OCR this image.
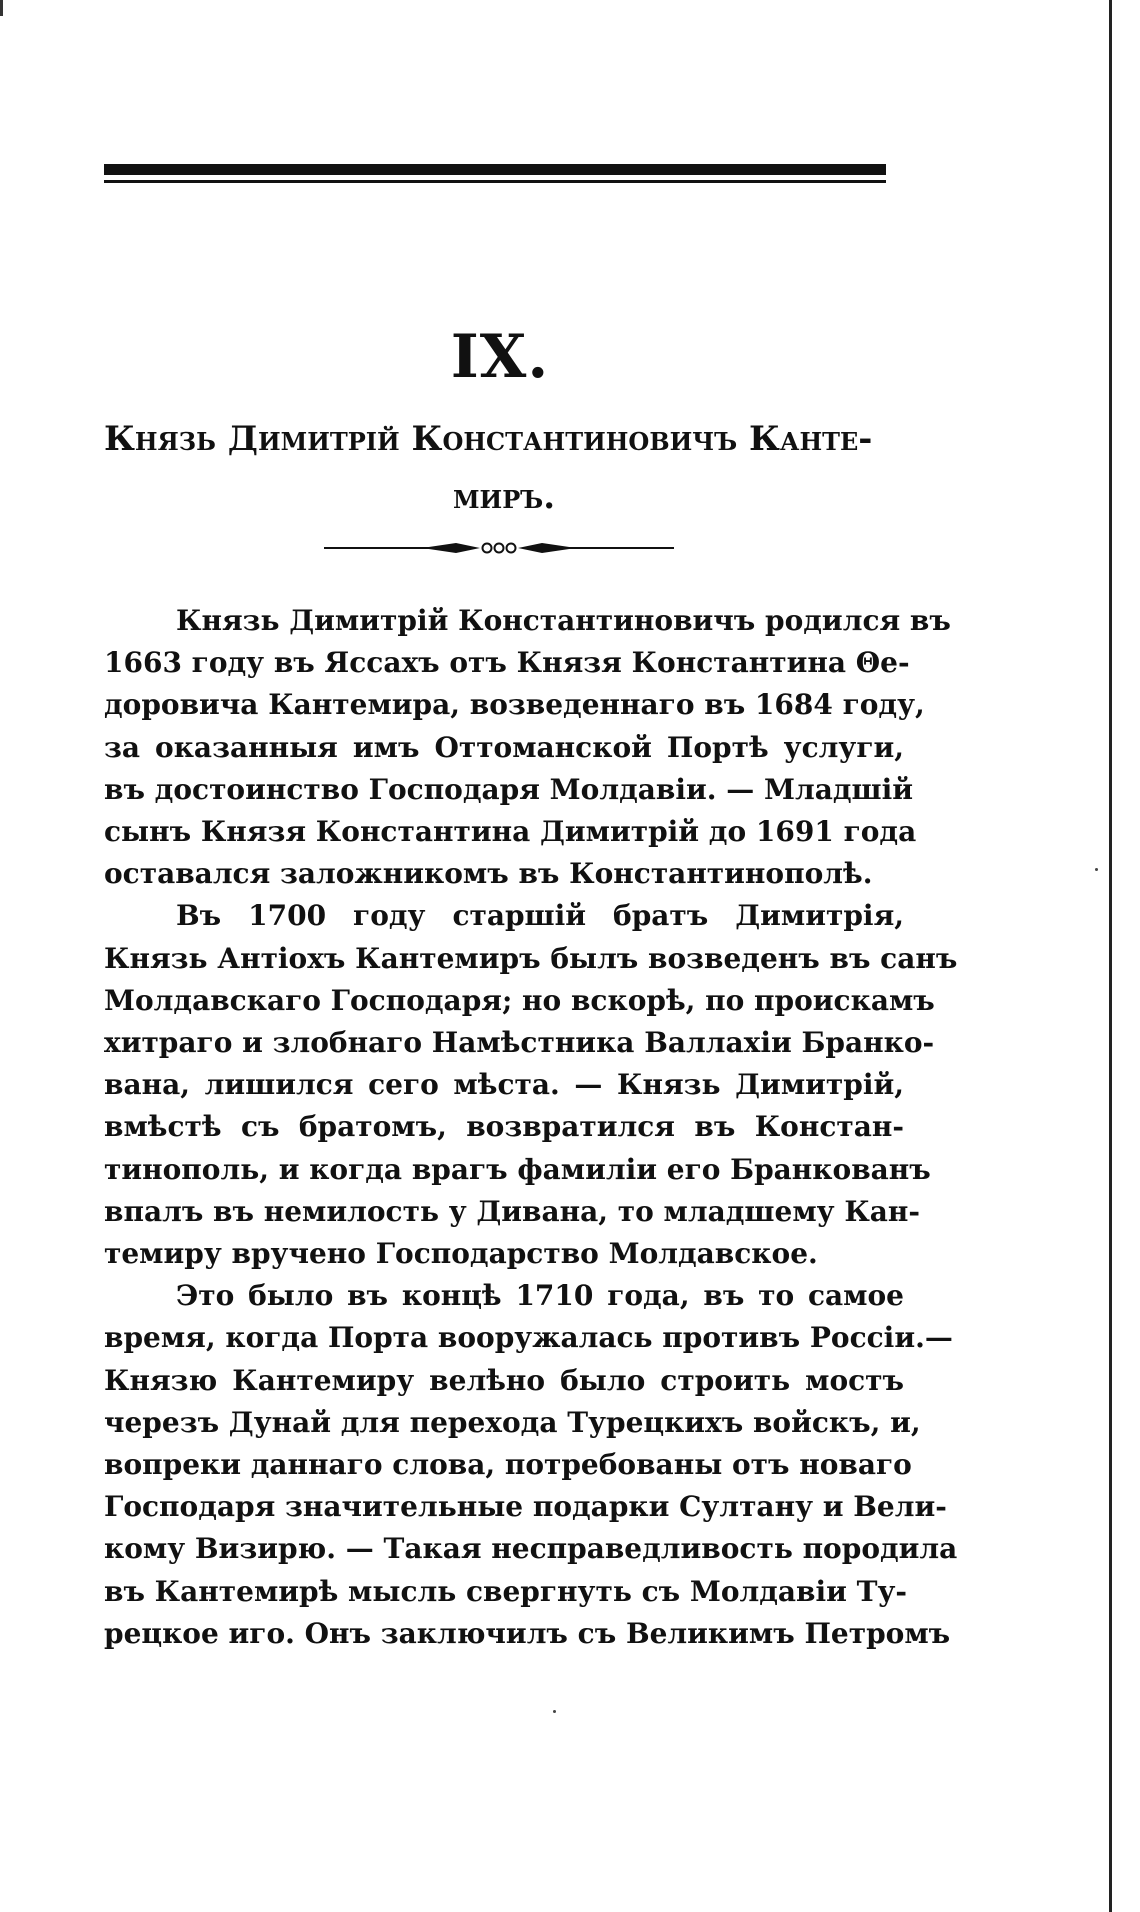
IX.
Князь Димитрій Константиновичъ Канте-
миръ.
Князь Димитрій Константиновичъ родился въ
1663 году въ Яссахъ отъ Князя Константина Θе-
доровича Кантемира, возведеннаго въ 1684 году,
за оказанныя имъ Оттоманской Портѣ услуги,
въ достоинство Господаря Молдавіи. — Младшій
сынъ Князя Константина Димитрій до 1691 года
оставался заложникомъ въ Константинополѣ.
Въ 1700 году старшій братъ Димитрія,
Князь Антіохъ Кантемиръ былъ возведенъ въ санъ
Молдавскаго Господаря; но вскорѣ, по проискамъ
хитраго и злобнаго Намѣстника Валлахіи Бранко-
вана, лишился сего мѣста. — Князь Димитрій,
вмѣстѣ съ братомъ, возвратился въ Констан-
тинополь, и когда врагъ фамиліи его Бранкованъ
впалъ въ немилость у Дивана, то младшему Кан-
темиру вручено Господарство Молдавское.
Это было въ концѣ 1710 года, въ то самое
время, когда Порта вооружалась противъ Россіи.—
Князю Кантемиру велѣно было строить мостъ
черезъ Дунай для перехода Турецкихъ войскъ, и,
вопреки даннаго слова, потребованы отъ новаго
Господаря значительные подарки Султану и Вели-
кому Визирю. — Такая несправедливость породила
въ Кантемирѣ мысль свергнуть съ Молдавіи Ту-
рецкое иго. Онъ заключилъ съ Великимъ Петромъ
